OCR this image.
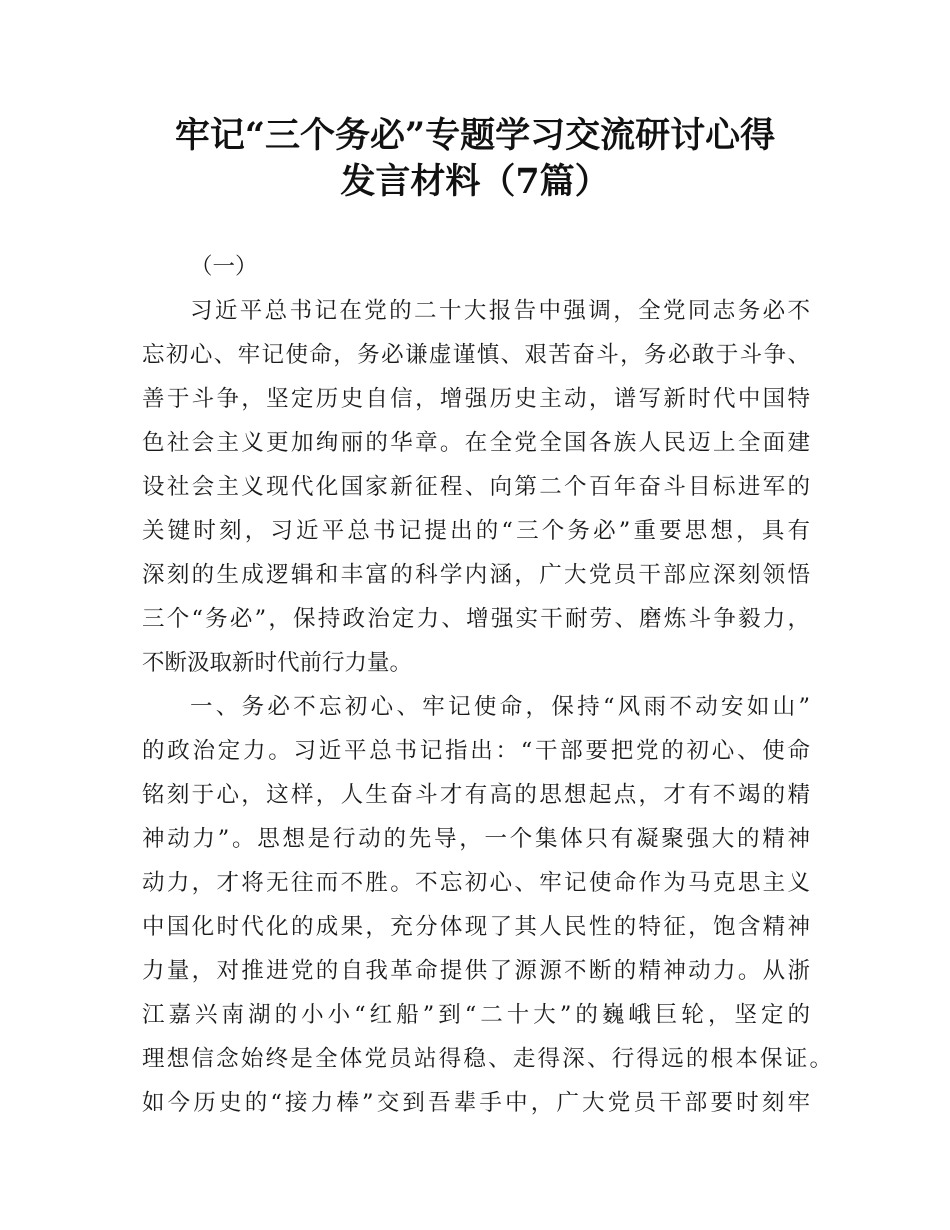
牢记“三个务必”专题学习交流研讨心得
发言材料（7篇）
（一）
习近平总书记在党的二十大报告中强调，全党同志务必不
忘初心、牢记使命，务必谦虚谨慎、艰苦奋斗，务必敢于斗争、
善于斗争，坚定历史自信，增强历史主动，谱写新时代中国特
色社会主义更加绚丽的华章。在全党全国各族人民迈上全面建
设社会主义现代化国家新征程、向第二个百年奋斗目标进军的
关键时刻，习近平总书记提出的“三个务必”重要思想，具有
深刻的生成逻辑和丰富的科学内涵，广大党员干部应深刻领悟
三个“务必”，保持政治定力、增强实干耐劳、磨炼斗争毅力，
不断汲取新时代前行力量。
一、务必不忘初心、牢记使命，保持“风雨不动安如山”
的政治定力。习近平总书记指出：“干部要把党的初心、使命
铭刻于心，这样，人生奋斗才有高的思想起点，才有不竭的精
神动力”。思想是行动的先导，一个集体只有凝聚强大的精神
动力，才将无往而不胜。不忘初心、牢记使命作为马克思主义
中国化时代化的成果，充分体现了其人民性的特征，饱含精神
力量，对推进党的自我革命提供了源源不断的精神动力。从浙
江嘉兴南湖的小小“红船”到“二十大”的巍峨巨轮，坚定的
理想信念始终是全体党员站得稳、走得深、行得远的根本保证。
如今历史的“接力棒”交到吾辈手中，广大党员干部要时刻牢
